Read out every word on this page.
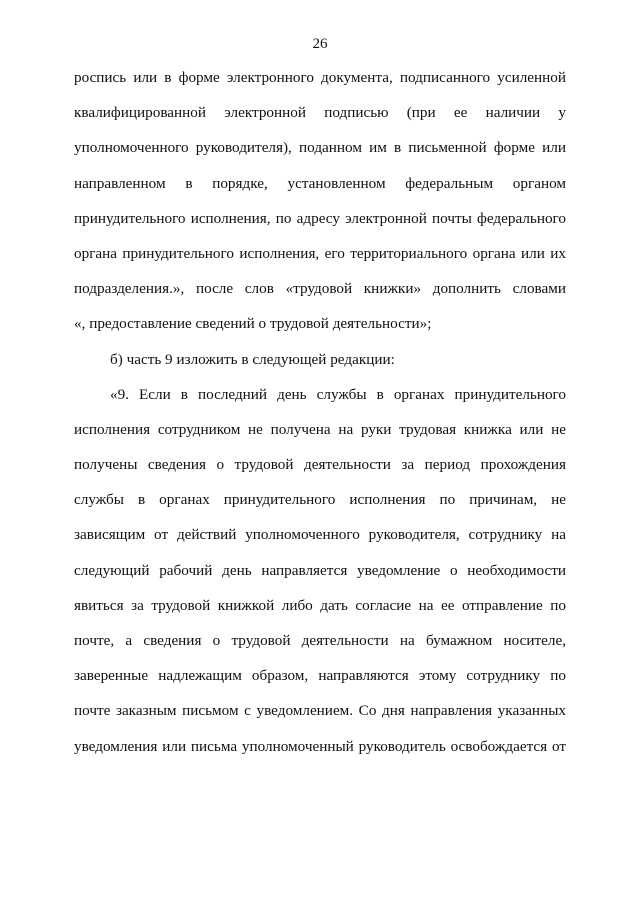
26
роспись или в форме электронного документа, подписанного усиленной
квалифицированной электронной подписью (при ее наличии у
уполномоченного руководителя), поданном им в письменной форме или
направленном в порядке, установленном федеральным органом
принудительного исполнения, по адресу электронной почты федерального
органа принудительного исполнения, его территориального органа или их
подразделения.», после слов «трудовой книжки» дополнить словами
«, предоставление сведений о трудовой деятельности»;
б) часть 9 изложить в следующей редакции:
«9. Если в последний день службы в органах принудительного
исполнения сотрудником не получена на руки трудовая книжка или не
получены сведения о трудовой деятельности за период прохождения
службы в органах принудительного исполнения по причинам, не
зависящим от действий уполномоченного руководителя, сотруднику на
следующий рабочий день направляется уведомление о необходимости
явиться за трудовой книжкой либо дать согласие на ее отправление по
почте, а сведения о трудовой деятельности на бумажном носителе,
заверенные надлежащим образом, направляются этому сотруднику по
почте заказным письмом с уведомлением. Со дня направления указанных
уведомления или письма уполномоченный руководитель освобождается от
